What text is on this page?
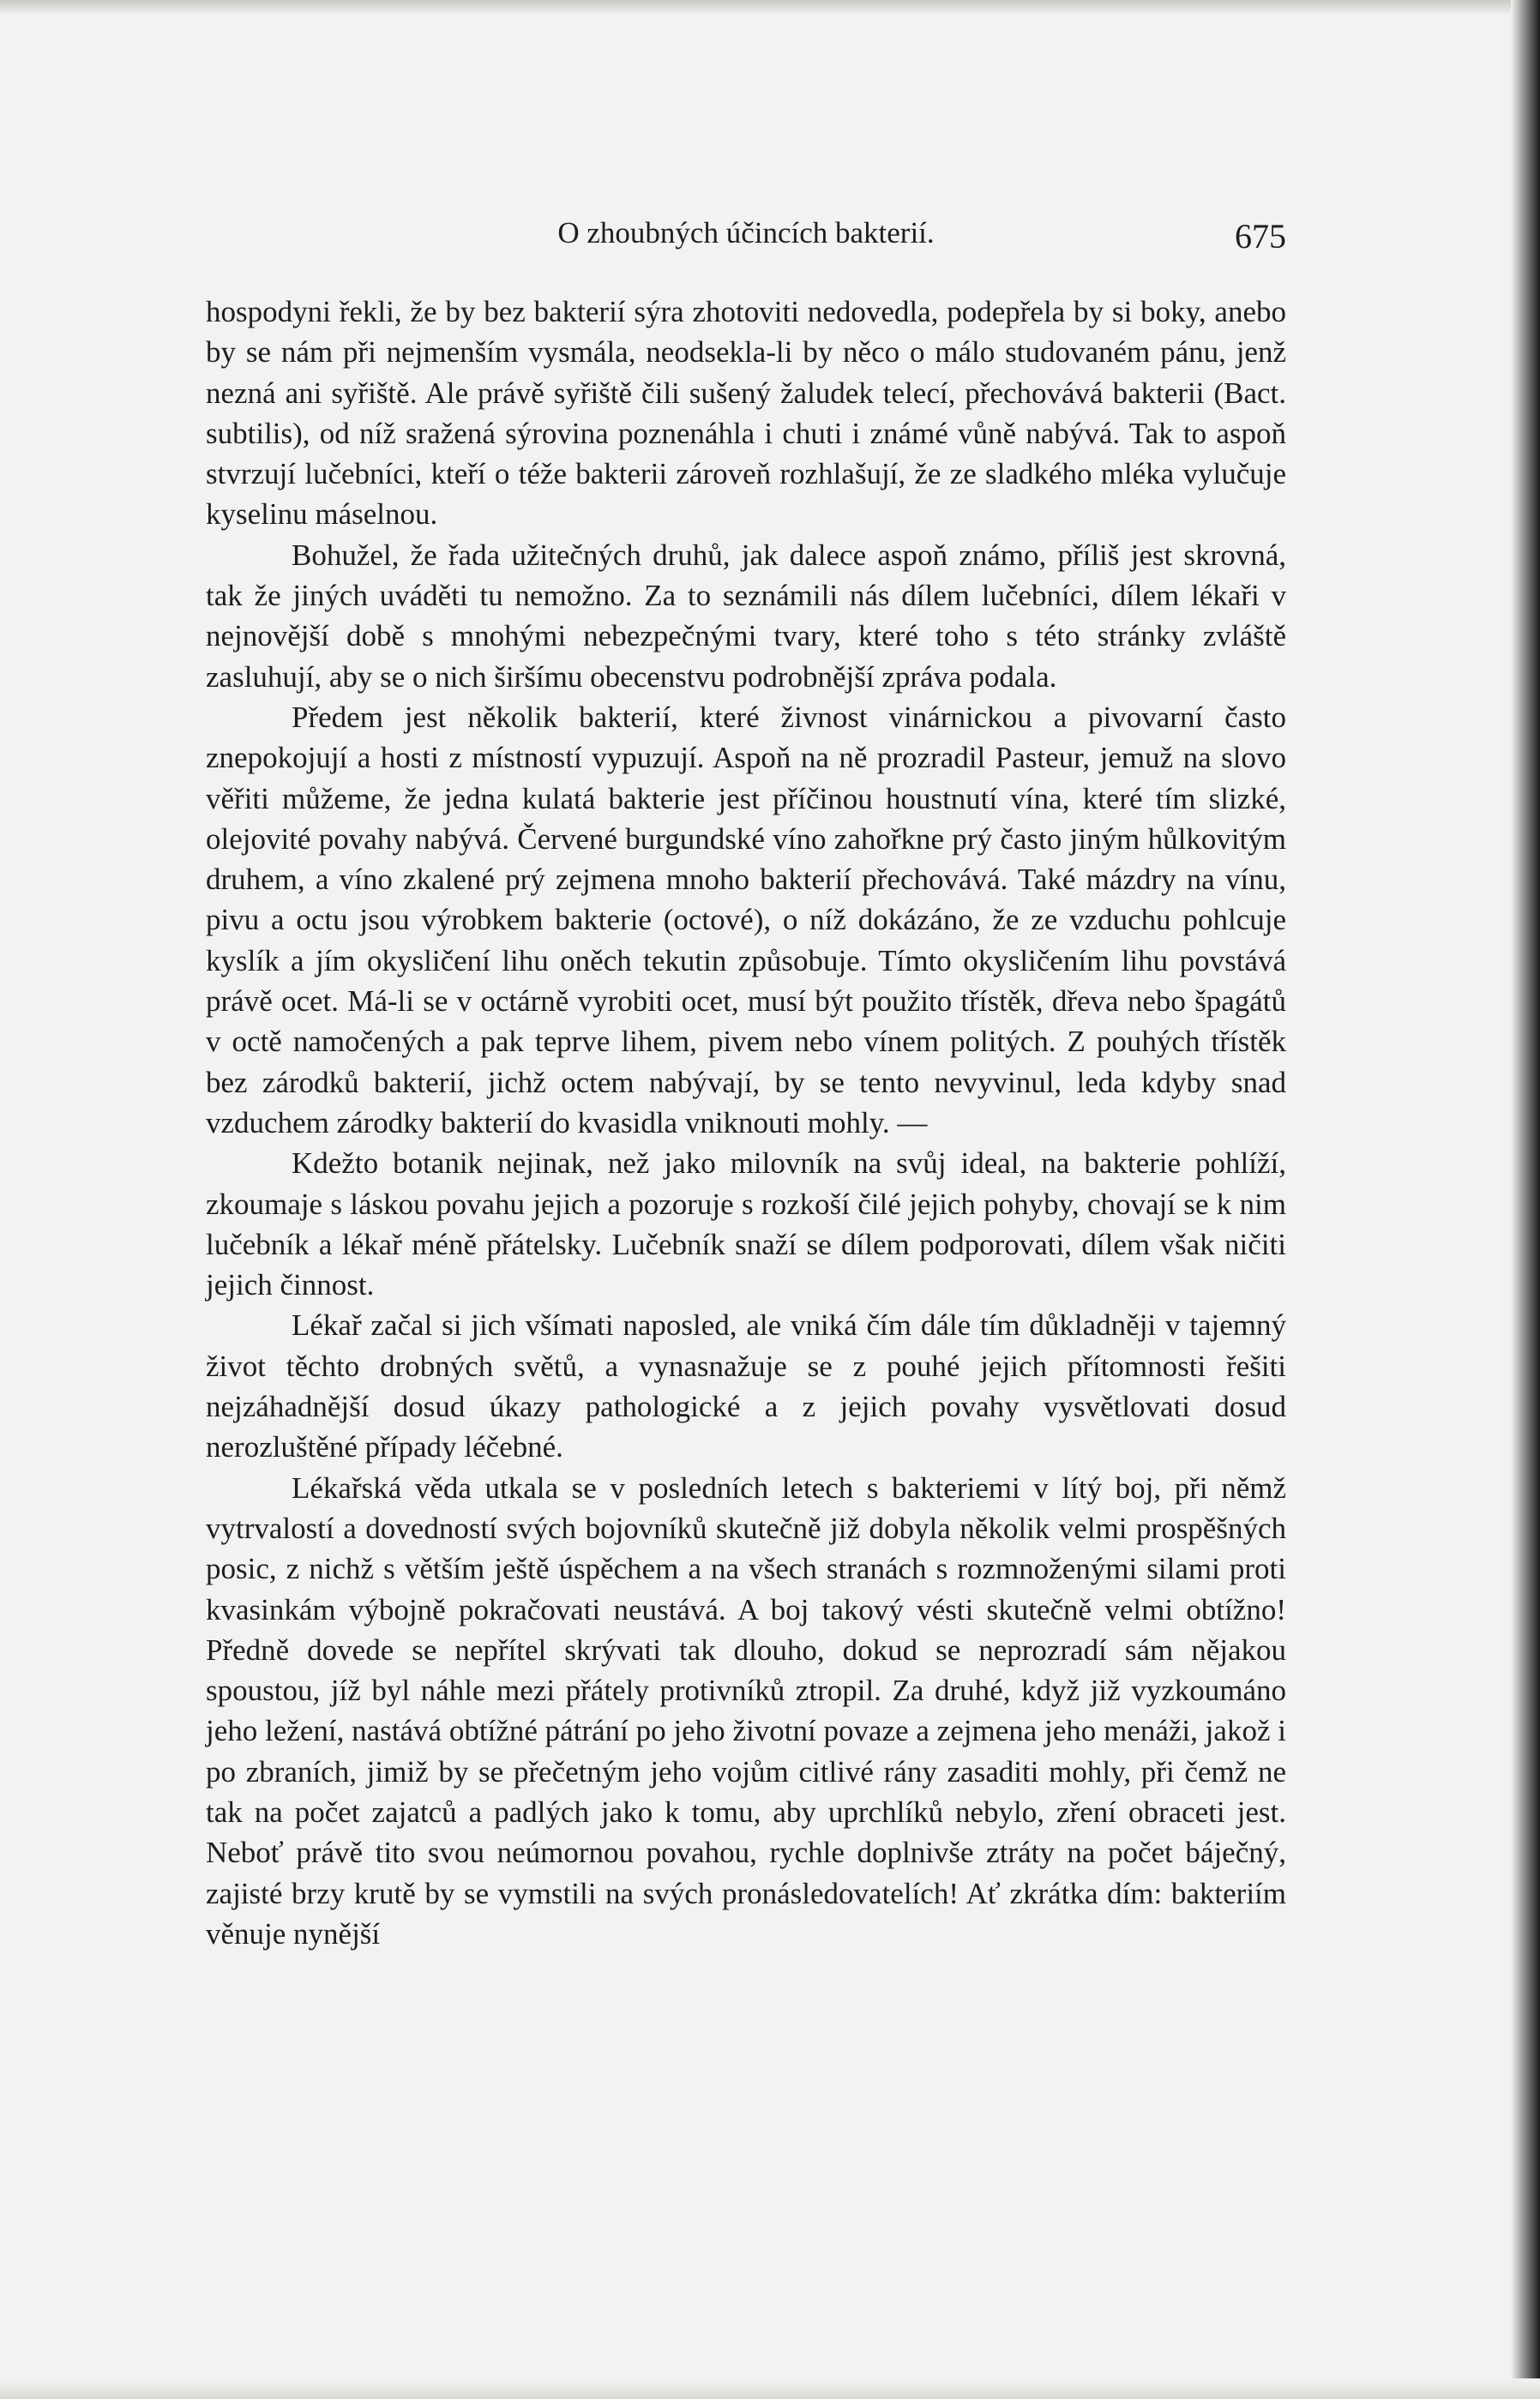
O zhoubných účincích bakterií.	675

hospodyni řekli, že by bez bakterií sýra zhotoviti nedovedla, podepřela by si boky, anebo by se nám při nejmenším vysmála, neodsekla-li by něco o málo studovaném pánu, jenž nezná ani syřiště. Ale právě syřiště čili sušený žaludek telecí, přechovává bakterii (Bact. subtilis), od níž sražená sýrovina poznenáhla i chuti i známé vůně nabývá. Tak to aspoň stvrzují lučebníci, kteří o téže bakterii zároveň rozhlašují, že ze sladkého mléka vylučuje kyselinu máselnou.

Bohužel, že řada užitečných druhů, jak dalece aspoň známo, příliš jest skrovná, tak že jiných uváděti tu nemožno. Za to seznámili nás dílem lučebníci, dílem lékaři v nejnovější době s mnohými nebezpečnými tvary, které toho s této stránky zvláště zasluhují, aby se o nich širšímu obecenstvu podrobnější zpráva podala.

Předem jest několik bakterií, které živnost vinárnickou a pivovarní často znepokojují a hosti z místností vypuzují. Aspoň na ně prozradil Pasteur, jemuž na slovo věřiti můžeme, že jedna kulatá bakterie jest příčinou houstnutí vína, které tím slizké, olejovité povahy nabývá. Červené burgundské víno zahořkne prý často jiným hůlkovitým druhem, a víno zkalené prý zejmena mnoho bakterií přechovává. Také mázdry na vínu, pivu a octu jsou výrobkem bakterie (octové), o níž dokázáno, že ze vzduchu pohlcuje kyslík a jím okysličení lihu oněch tekutin způsobuje. Tímto okysličením lihu povstává právě ocet. Má-li se v octárně vyrobiti ocet, musí být použito třístěk, dřeva nebo špagátů v octě namočených a pak teprve lihem, pivem nebo vínem politých. Z pouhých třístěk bez zárodků bakterií, jichž octem nabývají, by se tento nevyvinul, leda kdyby snad vzduchem zárodky bakterií do kvasidla vniknouti mohly. —

Kdežto botanik nejinak, než jako milovník na svůj ideal, na bakterie pohlíží, zkoumaje s láskou povahu jejich a pozoruje s rozkoší čilé jejich pohyby, chovají se k nim lučebník a lékař méně přátelsky. Lučebník snaží se dílem podporovati, dílem však ničiti jejich činnost.

Lékař začal si jich všímati naposled, ale vniká čím dále tím důkladněji v tajemný život těchto drobných světů, a vynasnažuje se z pouhé jejich přítomnosti řešiti nejzáhadnější dosud úkazy pathologické a z jejich povahy vysvětlovati dosud nerozluštěné případy léčebné.

Lékařská věda utkala se v posledních letech s bakteriemi v lítý boj, při němž vytrvalostí a dovedností svých bojovníků skutečně již dobyla několik velmi prospěšných posic, z nichž s větším ještě úspěchem a na všech stranách s rozmnoženými silami proti kvasinkám výbojně pokračovati neustává. A boj takový vésti skutečně velmi obtížno! Předně dovede se nepřítel skrývati tak dlouho, dokud se neprozradí sám nějakou spoustou, jíž byl náhle mezi přátely protivníků ztropil. Za druhé, když již vyzkoumáno jeho ležení, nastává obtížné pátrání po jeho životní povaze a zejmena jeho menáži, jakož i po zbraních, jimiž by se přečetným jeho vojům citlivé rány zasaditi mohly, při čemž ne tak na počet zajatců a padlých jako k tomu, aby uprchlíků nebylo, zření obraceti jest. Neboť právě tito svou neúmornou povahou, rychle doplnivše ztráty na počet báječný, zajisté brzy krutě by se vymstili na svých pronásledovatelích! Ať zkrátka dím: bakteriím věnuje nynější
